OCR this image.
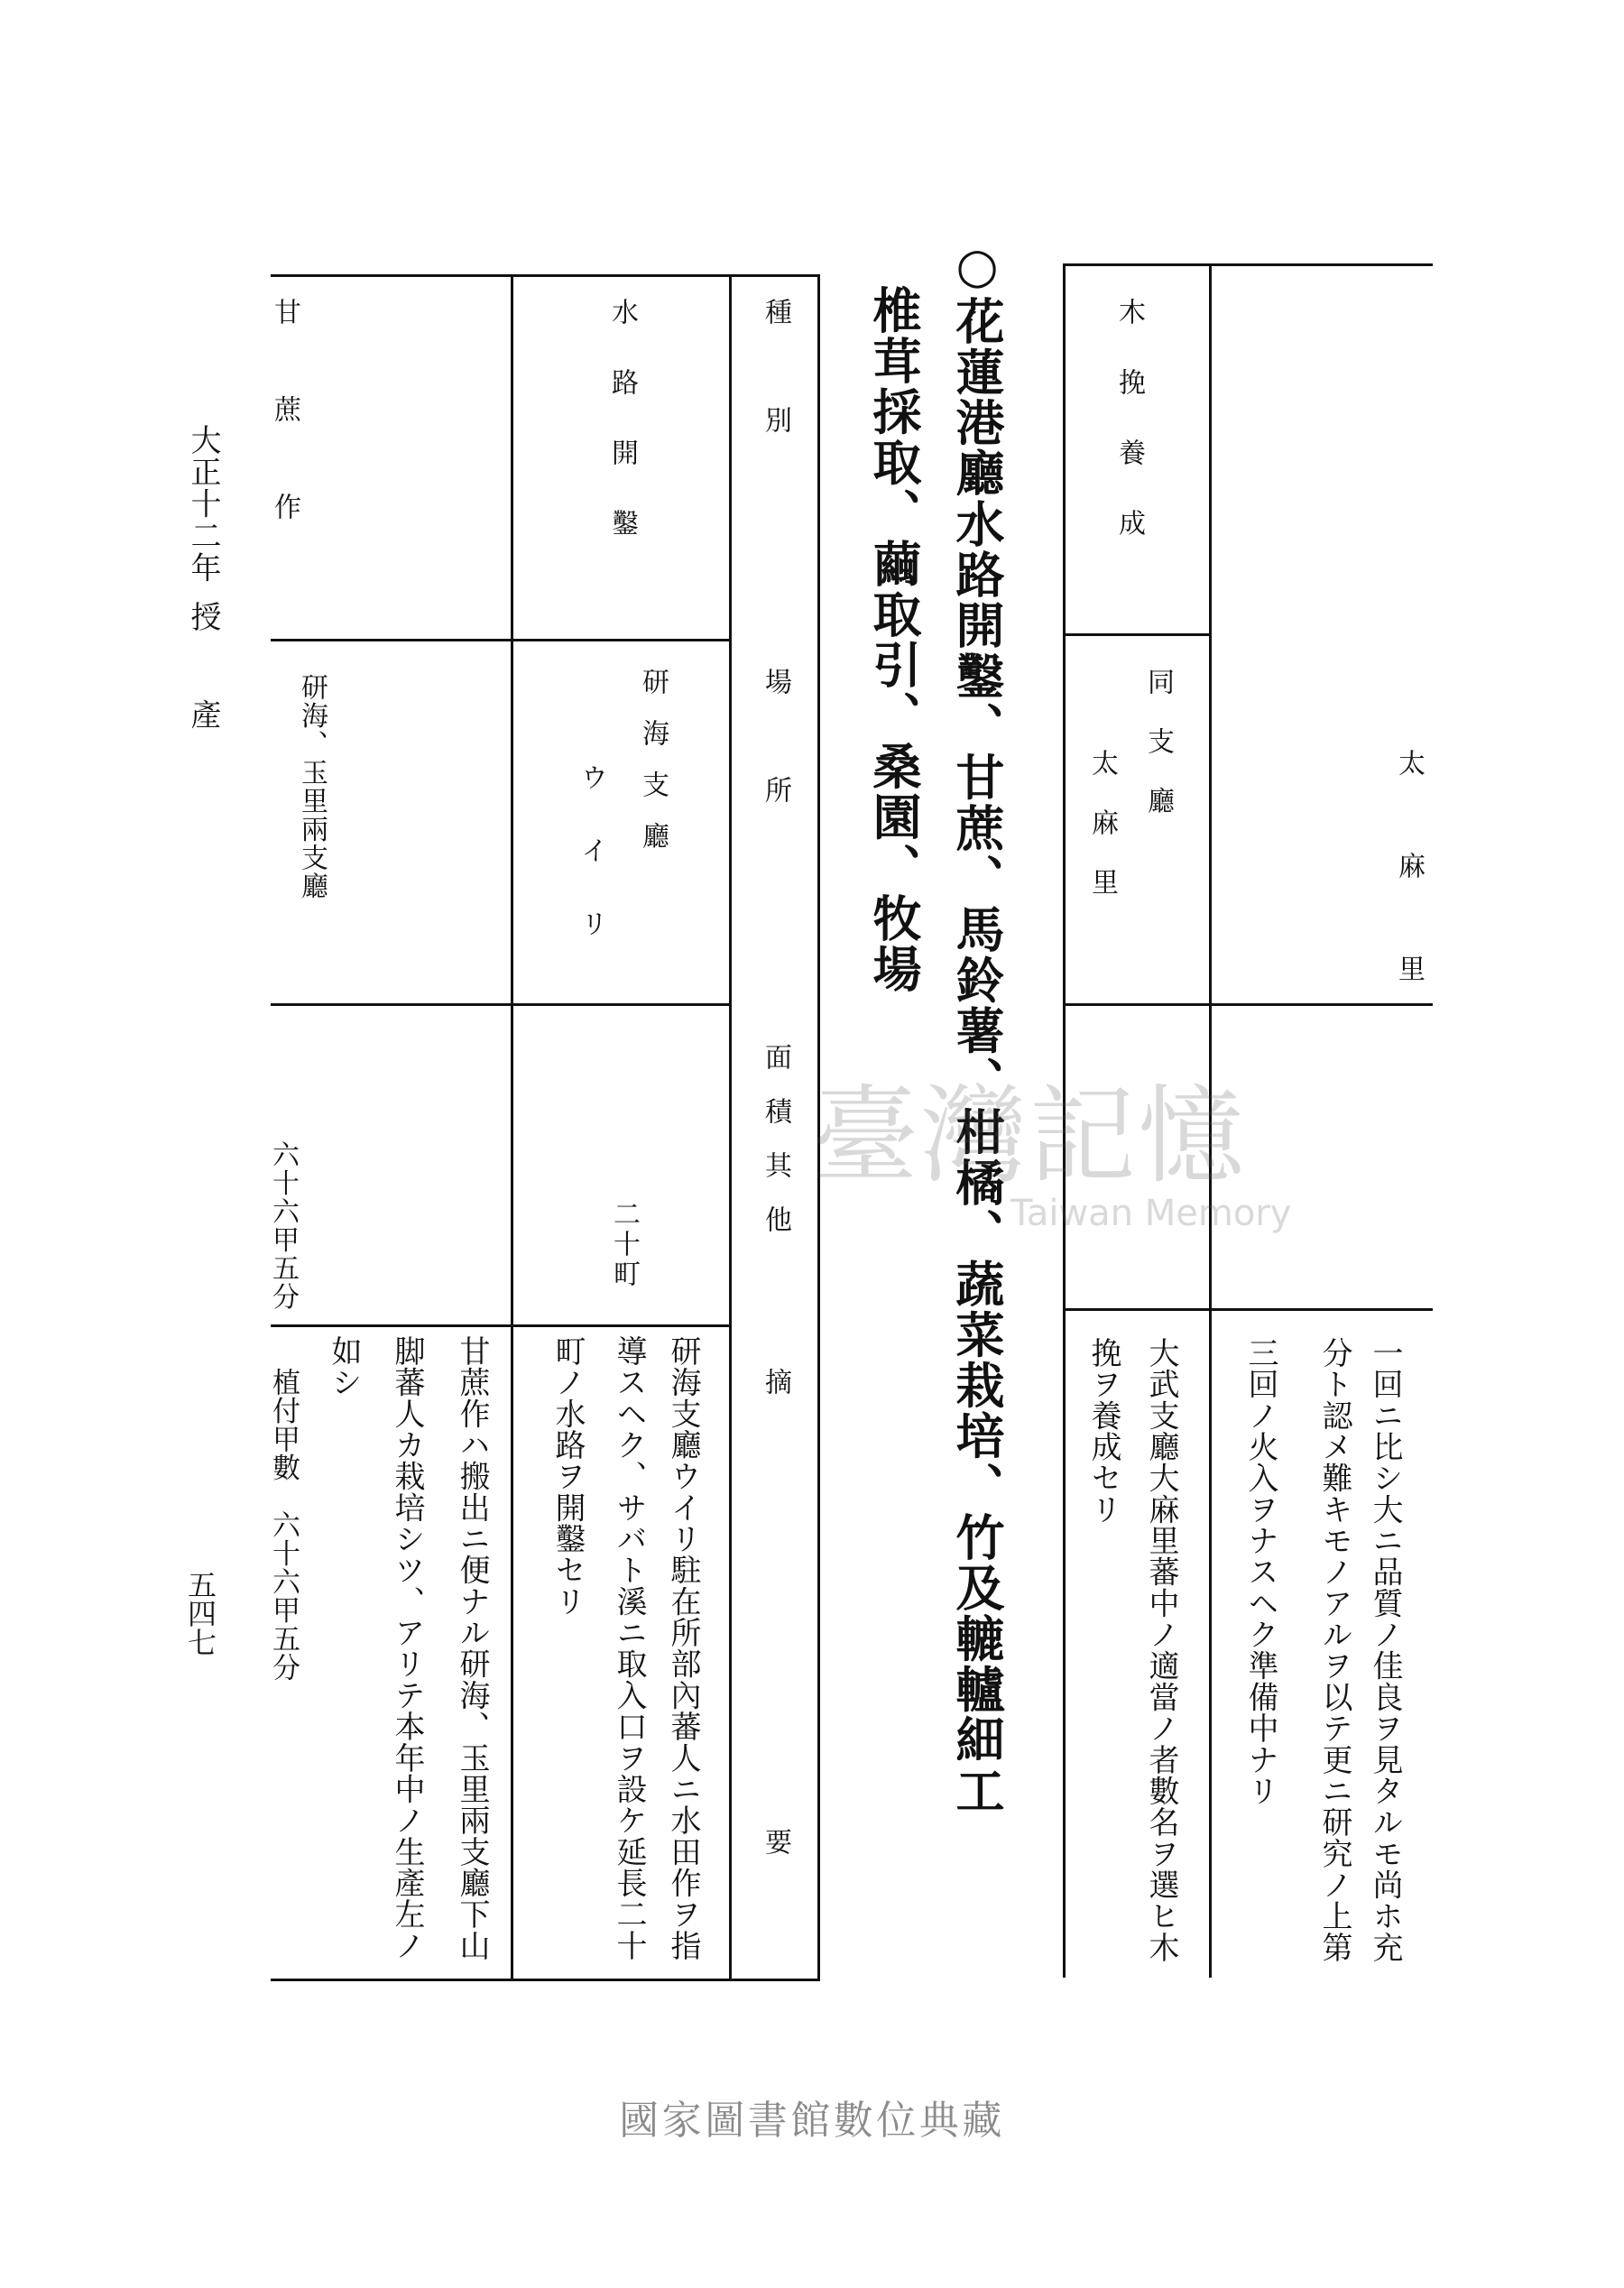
木挽養成
同支廳
太麻里	太麻里
一回ニ比シ大ニ品質ノ佳良ヲ見タルモ尚ホ充
分ト認メ難キモノアルヲ以テ更ニ研究ノ上第
三回ノ火入ヲナスヘク準備中ナリ
大武支廳大麻里蕃中ノ適當ノ者數名ヲ選ヒ木
挽ヲ養成セリ
○花蓮港廳水路開鑿、甘蔗、馬鈴薯、柑橘、蔬菜栽培、竹及轆轤細工
椎茸採取、繭取引、桑園、牧場
種別
場所
面積其他
摘要
水路開鑿
研海支廳
ウイリ
二十町
研海支廳ウイリ駐在所部內蕃人ニ水田作ヲ指
導スヘク、サバト溪ニ取入口ヲ設ケ延長二十
町ノ水路ヲ開鑿セリ
甘蔗作
研海、玉里兩支廳
六十六甲五分
甘蔗作ハ搬出ニ便ナル研海、玉里兩支廳下山
脚蕃人カ栽培シツ、アリテ本年中ノ生產左ノ
如シ
植付甲數　六十六甲五分
大正十二年
授　產
五四七
臺灣記憶
Taiwan Memory
國家圖書館數位典藏
